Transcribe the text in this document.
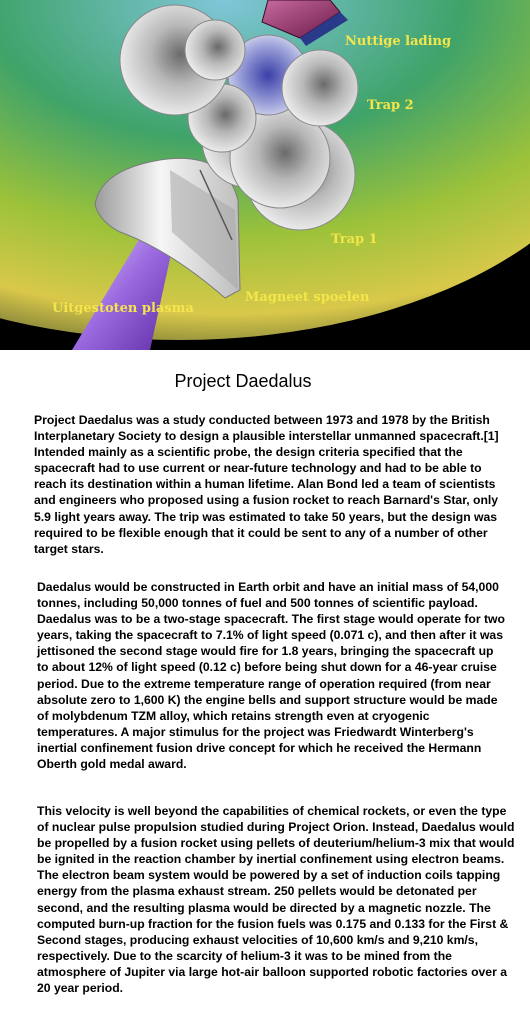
Nuttige lading
Trap 2
Trap 1
Magneet spoelen
Uitgestoten plasma
Project Daedalus

Project Daedalus was a study conducted between 1973 and 1978 by the British Interplanetary Society to design a plausible interstellar unmanned spacecraft.[1] Intended mainly as a scientific probe, the design criteria specified that the spacecraft had to use current or near-future technology and had to be able to reach its destination within a human lifetime. Alan Bond led a team of scientists and engineers who proposed using a fusion rocket to reach Barnard's Star, only 5.9 light years away. The trip was estimated to take 50 years, but the design was required to be flexible enough that it could be sent to any of a number of other target stars.

Daedalus would be constructed in Earth orbit and have an initial mass of 54,000 tonnes, including 50,000 tonnes of fuel and 500 tonnes of scientific payload. Daedalus was to be a two-stage spacecraft. The first stage would operate for two years, taking the spacecraft to 7.1% of light speed (0.071 c), and then after it was jettisoned the second stage would fire for 1.8 years, bringing the spacecraft up to about 12% of light speed (0.12 c) before being shut down for a 46-year cruise period. Due to the extreme temperature range of operation required (from near absolute zero to 1,600 K) the engine bells and support structure would be made of molybdenum TZM alloy, which retains strength even at cryogenic temperatures. A major stimulus for the project was Friedwardt Winterberg's inertial confinement fusion drive concept for which he received the Hermann Oberth gold medal award.

This velocity is well beyond the capabilities of chemical rockets, or even the type of nuclear pulse propulsion studied during Project Orion. Instead, Daedalus would be propelled by a fusion rocket using pellets of deuterium/helium-3 mix that would be ignited in the reaction chamber by inertial confinement using electron beams. The electron beam system would be powered by a set of induction coils tapping energy from the plasma exhaust stream. 250 pellets would be detonated per second, and the resulting plasma would be directed by a magnetic nozzle. The computed burn-up fraction for the fusion fuels was 0.175 and 0.133 for the First & Second stages, producing exhaust velocities of 10,600 km/s and 9,210 km/s, respectively. Due to the scarcity of helium-3 it was to be mined from the atmosphere of Jupiter via large hot-air balloon supported robotic factories over a 20 year period.
